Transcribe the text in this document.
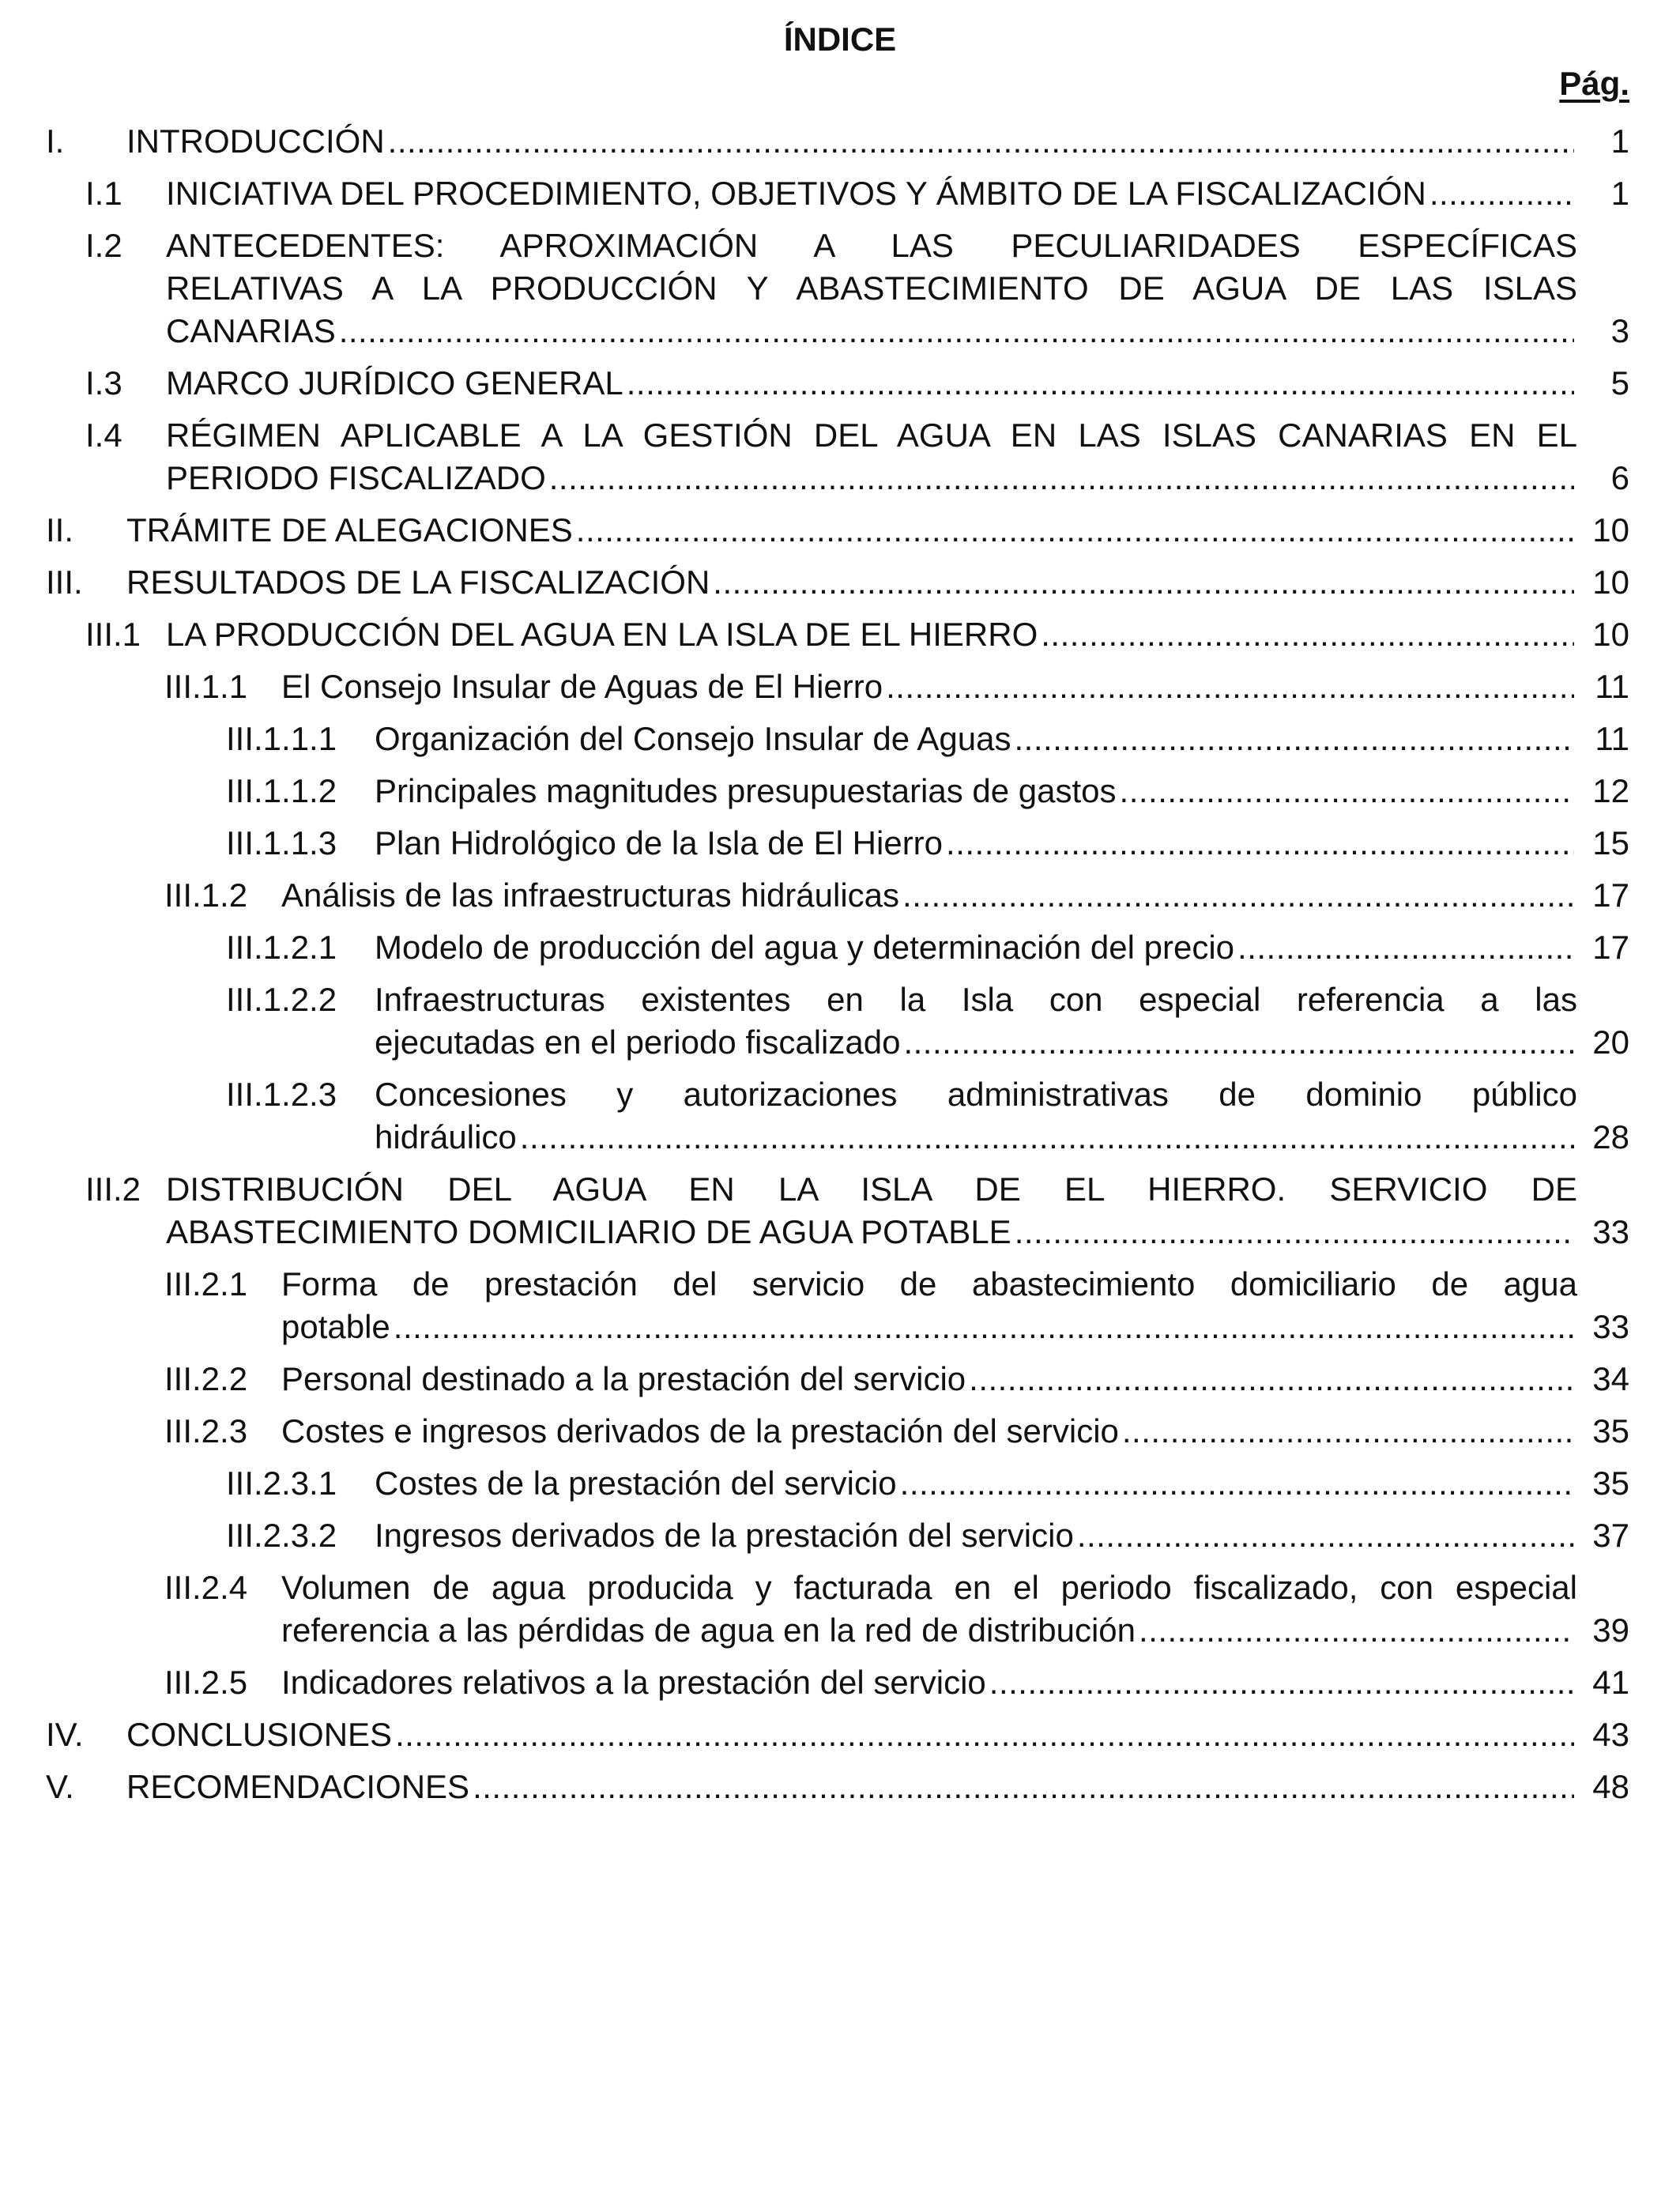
ÍNDICE
Pág.
I. INTRODUCCIÓN .....	1
I.1 INICIATIVA DEL PROCEDIMIENTO, OBJETIVOS Y ÁMBITO DE LA FISCALIZACIÓN .....	1
I.2 ANTECEDENTES: APROXIMACIÓN A LAS PECULIARIDADES ESPECÍFICAS
RELATIVAS A LA PRODUCCIÓN Y ABASTECIMIENTO DE AGUA DE LAS ISLAS
CANARIAS .....	3
I.3 MARCO JURÍDICO GENERAL .....	5
I.4 RÉGIMEN APLICABLE A LA GESTIÓN DEL AGUA EN LAS ISLAS CANARIAS EN EL
PERIODO FISCALIZADO .....	6
II. TRÁMITE DE ALEGACIONES .....	10
III. RESULTADOS DE LA FISCALIZACIÓN .....	10
III.1 LA PRODUCCIÓN DEL AGUA EN LA ISLA DE EL HIERRO .....	10
III.1.1 El Consejo Insular de Aguas de El Hierro .....	11
III.1.1.1 Organización del Consejo Insular de Aguas .....	11
III.1.1.2 Principales magnitudes presupuestarias de gastos .....	12
III.1.1.3 Plan Hidrológico de la Isla de El Hierro .....	15
III.1.2 Análisis de las infraestructuras hidráulicas .....	17
III.1.2.1 Modelo de producción del agua y determinación del precio .....	17
III.1.2.2 Infraestructuras existentes en la Isla con especial referencia a las
ejecutadas en el periodo fiscalizado .....	20
III.1.2.3 Concesiones y autorizaciones administrativas de dominio público
hidráulico .....	28
III.2 DISTRIBUCIÓN DEL AGUA EN LA ISLA DE EL HIERRO. SERVICIO DE
ABASTECIMIENTO DOMICILIARIO DE AGUA POTABLE .....	33
III.2.1 Forma de prestación del servicio de abastecimiento domiciliario de agua
potable .....	33
III.2.2 Personal destinado a la prestación del servicio .....	34
III.2.3 Costes e ingresos derivados de la prestación del servicio .....	35
III.2.3.1 Costes de la prestación del servicio .....	35
III.2.3.2 Ingresos derivados de la prestación del servicio .....	37
III.2.4 Volumen de agua producida y facturada en el periodo fiscalizado, con especial
referencia a las pérdidas de agua en la red de distribución .....	39
III.2.5 Indicadores relativos a la prestación del servicio .....	41
IV. CONCLUSIONES .....	43
V. RECOMENDACIONES .....	48
